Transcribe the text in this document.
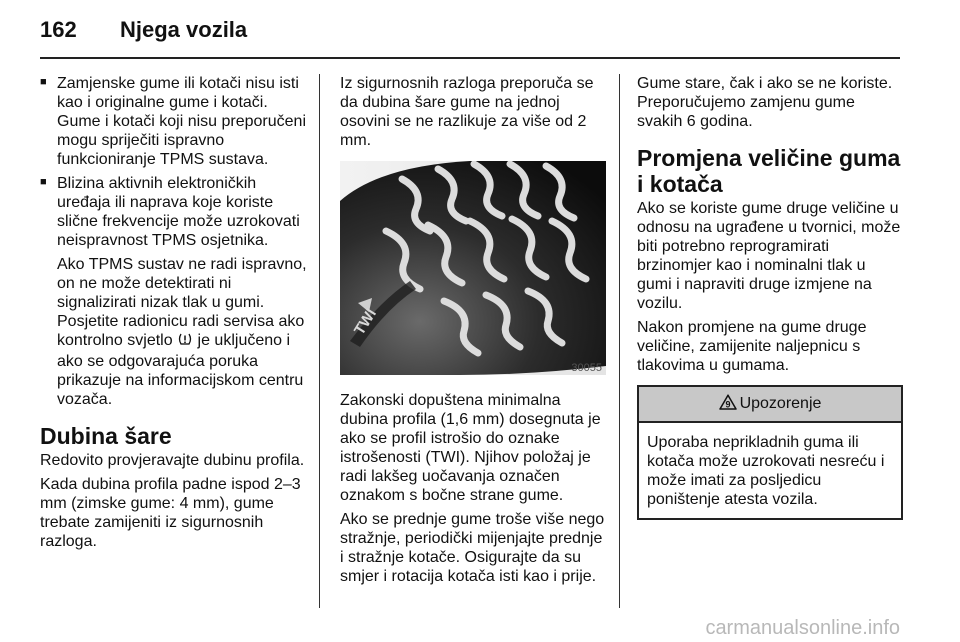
162 Njega vozila
■ Zamjenske gume ili kotači nisu isti kao i originalne gume i kotači. Gume i kotači koji nisu preporučeni mogu spriječiti ispravno funkcioniranje TPMS sustava.
■ Blizina aktivnih elektroničkih uređaja ili naprava koje koriste slične frekvencije može uzrokovati neispravnost TPMS osjetnika.

Ako TPMS sustav ne radi ispravno, on ne može detektirati ni signalizirati nizak tlak u gumi. Posjetite radionicu radi servisa ako kontrolno svjetlo je uključeno i ako se odgovarajuća poruka prikazuje na informacijskom centru vozača.

Dubina šare

Redovito provjeravajte dubinu profila.

Kada dubina profila padne ispod 2–3 mm (zimske gume: 4 mm), gume trebate zamijeniti iz sigurnosnih razloga.

Iz sigurnosnih razloga preporuča se da dubina šare gume na jednoj osovini se ne razlikuje za više od 2 mm.

TWI
30055

Zakonski dopuštena minimalna dubina profila (1,6 mm) dosegnuta je ako se profil istrošio do oznake istrošenosti (TWI). Njihov položaj je radi lakšeg uočavanja označen oznakom s bočne strane gume.

Ako se prednje gume troše više nego stražnje, periodički mijenjajte prednje i stražnje kotače. Osigurajte da su smjer i rotacija kotača isti kao i prije.

Gume stare, čak i ako se ne koriste. Preporučujemo zamjenu gume svakih 6 godina.

Promjena veličine guma i kotača

Ako se koriste gume druge veličine u odnosu na ugrađene u tvornici, može biti potrebno reprogramirati brzinomjer kao i nominalni tlak u gumi i napraviti druge izmjene na vozilu.

Nakon promjene na gume druge veličine, zamijenite naljepnicu s tlakovima u gumama.

9 Upozorenje
Uporaba neprikladnih guma ili kotača može uzrokovati nesreću i može imati za posljedicu poništenje atesta vozila.
carmanualsonline.info
